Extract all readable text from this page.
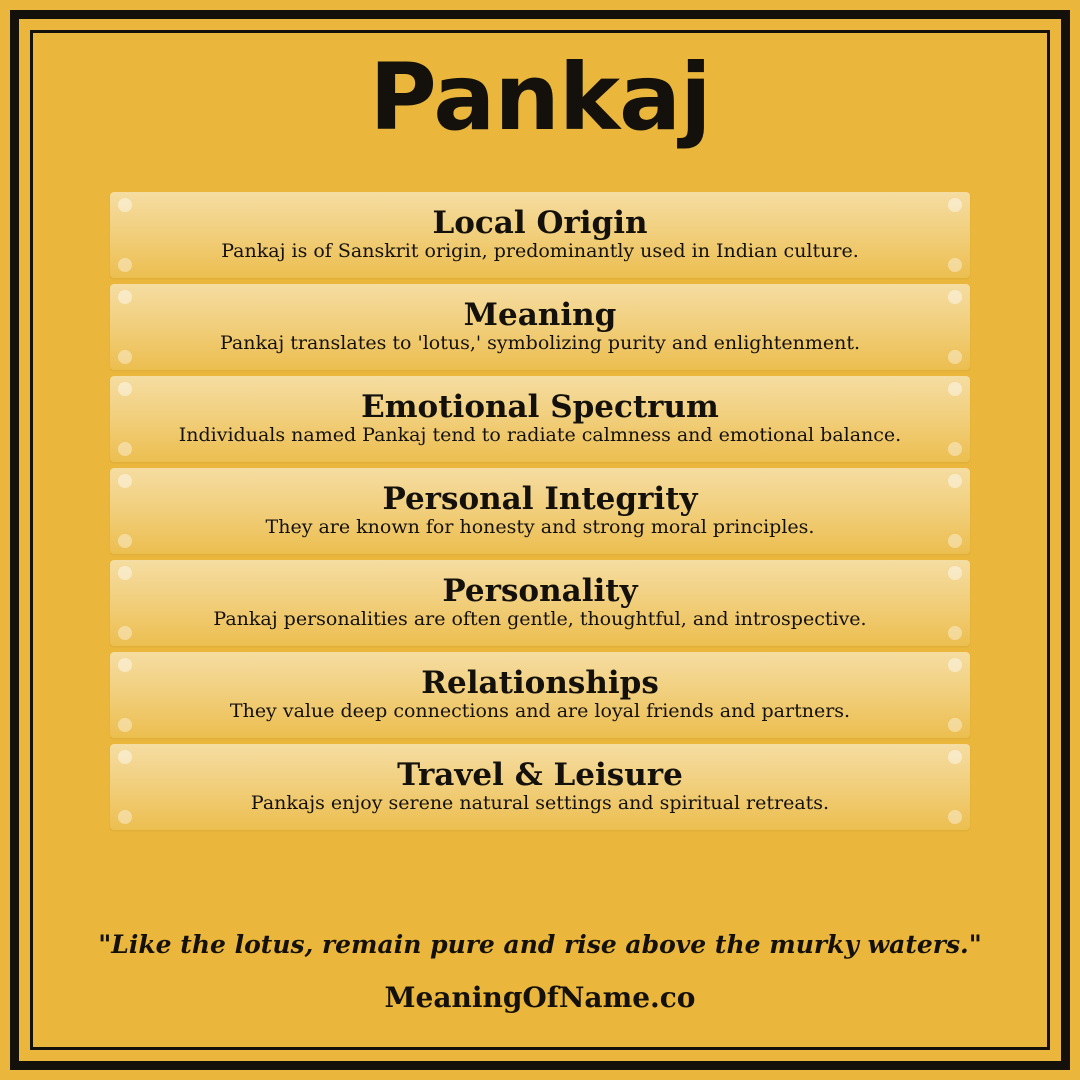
Pankaj
Local Origin
Pankaj is of Sanskrit origin, predominantly used in Indian culture.
Meaning
Pankaj translates to 'lotus,' symbolizing purity and enlightenment.
Emotional Spectrum
Individuals named Pankaj tend to radiate calmness and emotional balance.
Personal Integrity
They are known for honesty and strong moral principles.
Personality
Pankaj personalities are often gentle, thoughtful, and introspective.
Relationships
They value deep connections and are loyal friends and partners.
Travel & Leisure
Pankajs enjoy serene natural settings and spiritual retreats.
"Like the lotus, remain pure and rise above the murky waters."
MeaningOfName.co
